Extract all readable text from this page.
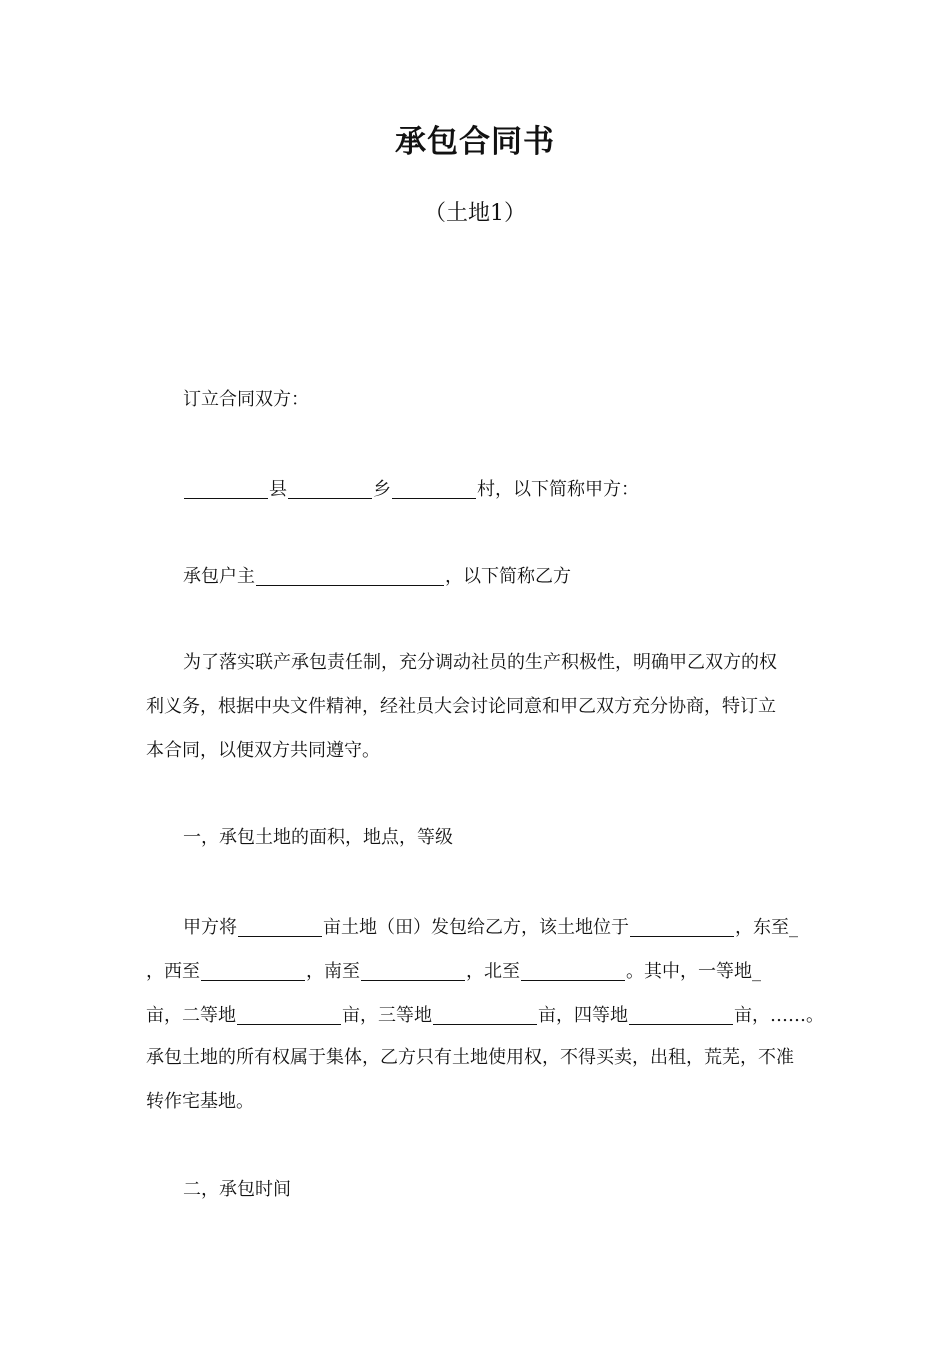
承包合同书
（土地1）
订立合同双方：
县	乡	村，以下简称甲方：
承包户主	，以下简称乙方
为了落实联产承包责任制，充分调动社员的生产积极性，明确甲乙双方的权
利义务，根据中央文件精神，经社员大会讨论同意和甲乙双方充分协商，特订立
本合同，以便双方共同遵守。
一，承包土地的面积，地点，等级
甲方将	亩土地（田）发包给乙方，该土地位于	，东至_
，西至	，南至	，北至	。其中，一等地_
亩，二等地	亩，三等地	亩，四等地	亩，……。
承包土地的所有权属于集体，乙方只有土地使用权，不得买卖，出租，荒芜，不准
转作宅基地。
二，承包时间
